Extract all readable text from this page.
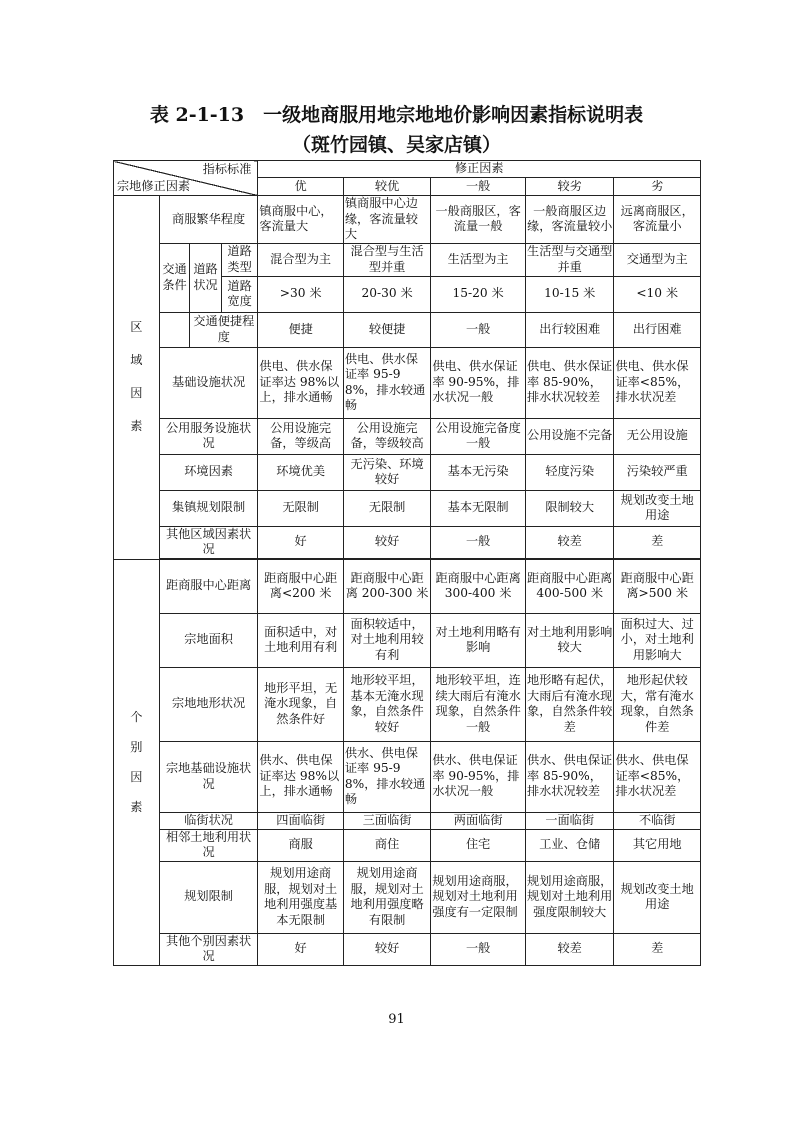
表 2-1-13　一级地商服用地宗地地价影响因素指标说明表
（斑竹园镇、吴家店镇）
指标标准
宗地修正因素				修正因素				
				优	较优	一般	较劣	劣

区
域
因
素	商服繁华程度			镇商服中心，客流量大	镇商服中心边缘，客流量较大	一般商服区，客流量一般	一般商服区边缘，客流量较小	远离商服区，客流量小
	交通条件	道路状况	道路类型	混合型为主	混合型与生活型并重	生活型为主	生活型与交通型并重	交通型为主
			道路宽度	>30 米	20-30 米	15-20 米	10-15 米	<10 米
		交通便捷程度		便捷	较便捷	一般	出行较困难	出行困难
	基础设施状况			供电、供水保证率达 98%以上，排水通畅	供电、供水保证率 95-98%，排水较通畅	供电、供水保证率 90-95%，排水状况一般	供电、供水保证率 85-90%，排水状况较差	供电、供水保证率<85%，排水状况差
	公用服务设施状况			公用设施完备，等级高	公用设施完备，等级较高	公用设施完备度一般	公用设施不完备	无公用设施
	环境因素			环境优美	无污染、环境较好	基本无污染	轻度污染	污染较严重
	集镇规划限制			无限制	无限制	基本无限制	限制较大	规划改变土地用途
	其他区域因素状况			好	较好	一般	较差	差

个
别
因
素	距商服中心距离			距商服中心距离<200 米	距商服中心距离 200-300 米	距商服中心距离 300-400 米	距商服中心距离 400-500 米	距商服中心距离>500 米
	宗地面积			面积适中，对土地利用有利	面积较适中，对土地利用较有利	对土地利用略有影响	对土地利用影响较大	面积过大、过小，对土地利用影响大
	宗地地形状况			地形平坦，无淹水现象，自然条件好	地形较平坦，基本无淹水现象，自然条件较好	地形较平坦，连续大雨后有淹水现象，自然条件一般	地形略有起伏，大雨后有淹水现象，自然条件较差	地形起伏较大，常有淹水现象，自然条件差
	宗地基础设施状况			供水、供电保证率达 98%以上，排水通畅	供水、供电保证率 95-98%，排水较通畅	供水、供电保证率 90-95%，排水状况一般	供水、供电保证率 85-90%，排水状况较差	供水、供电保证率<85%，排水状况差
	临街状况			四面临街	三面临街	两面临街	一面临街	不临街
	相邻土地利用状况			商服	商住	住宅	工业、仓储	其它用地
	规划限制			规划用途商服，规划对土地利用强度基本无限制	规划用途商服，规划对土地利用强度略有限制	规划用途商服，规划对土地利用强度有一定限制	规划用途商服，规划对土地利用强度限制较大	规划改变土地用途
	其他个别因素状况			好	较好	一般	较差	差
91
